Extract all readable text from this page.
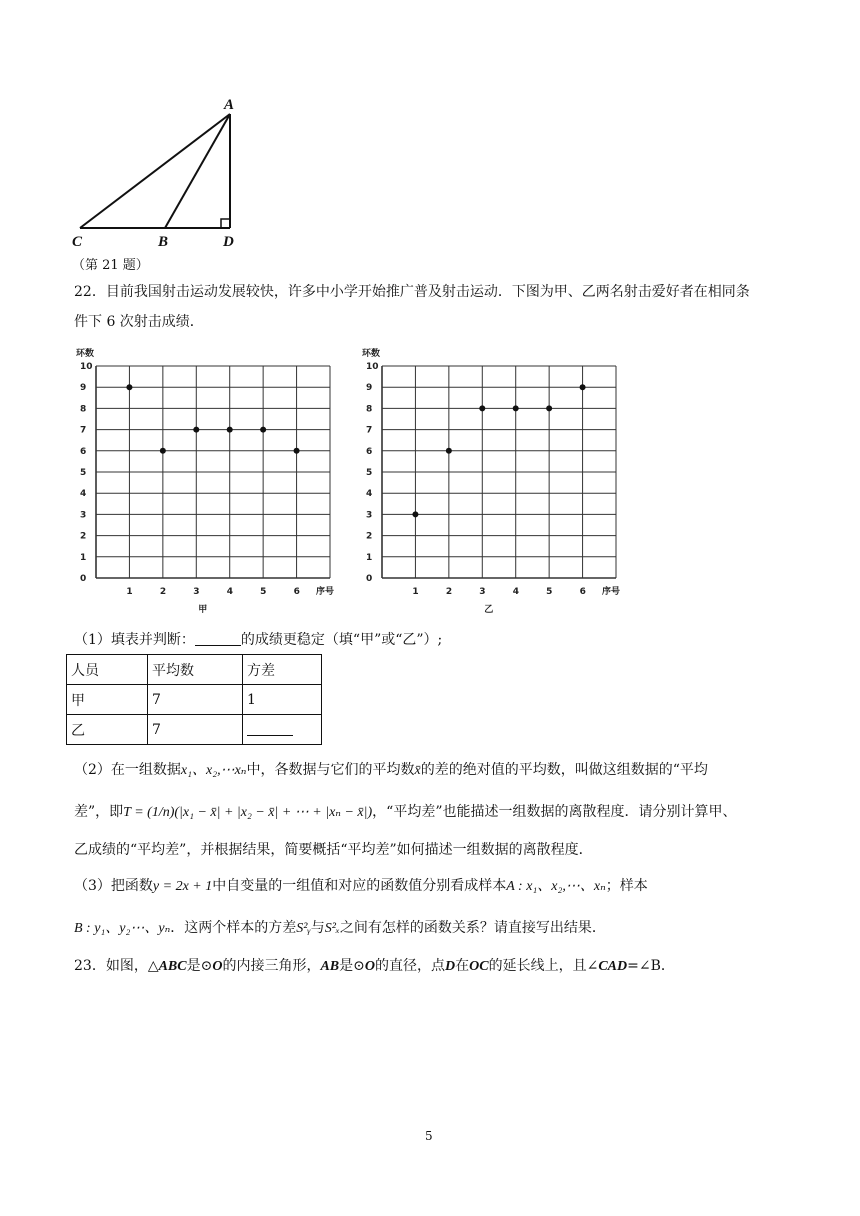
A
C	B	D
（第 21 题）
22．目前我国射击运动发展较快，许多中小学开始推广普及射击运动．下图为甲、乙两名射击爱好者在相同条
件下 6 次射击成绩．
0
1
2
3
4
5
6
7
8
9
10
1	2	3	4	5	6
环数
序号
甲
0
1
2
3
4
5
6
7
8
9
10
1	2	3	4	5	6
环数
序号
乙
（1）填表并判断：	的成绩更稳定（填“甲”或“乙”）;
人员	平均数	方差
甲	7	1
乙	7	
（2）在一组数据x₁、x₂,⋯xₙ中，各数据与它们的平均数x̄的差的绝对值的平均数，叫做这组数据的“平均
差”，即T = (1/n)(|x₁ − x̄| + |x₂ − x̄| + ⋯ + |xₙ − x̄|)，“平均差”也能描述一组数据的离散程度．请分别计算甲、
乙成绩的“平均差”，并根据结果，简要概括“平均差”如何描述一组数据的离散程度．
（3）把函数y = 2x + 1中自变量的一组值和对应的函数值分别看成样本A : x₁、x₂,⋯、xₙ；样本
B : y₁、y₂⋯、yₙ．这两个样本的方差S²ᵧ与S²ₓ之间有怎样的函数关系？请直接写出结果．
23．如图，△ABC是⊙O的内接三角形，AB是⊙O的直径，点D在OC的延长线上，且∠CAD=∠B．
5
